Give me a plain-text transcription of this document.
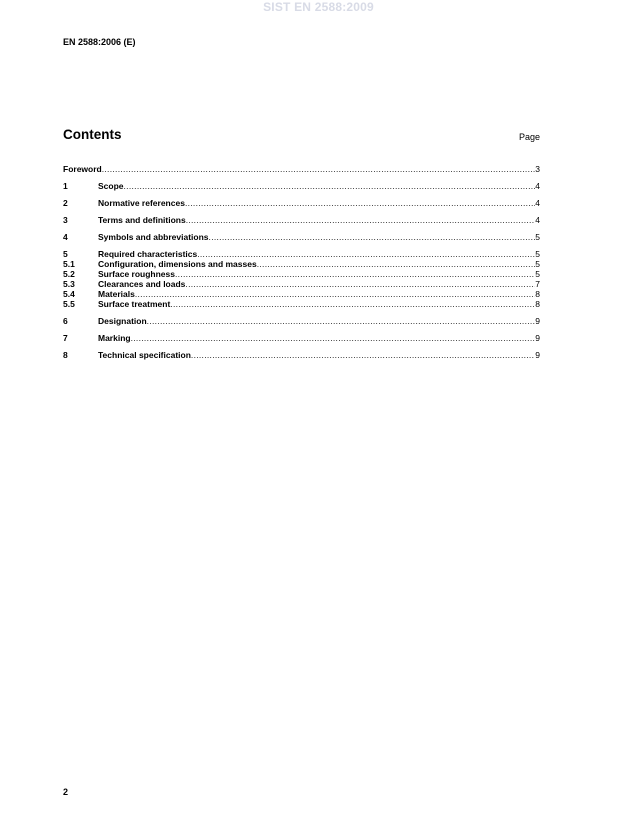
SIST EN 2588:2009
EN 2588:2006 (E)
Contents	Page
Foreword .....	3
1	Scope .....	4
2	Normative references .....	4
3	Terms and definitions .....	4
4	Symbols and abbreviations .....	5
5	Required characteristics .....	5
5.1	Configuration, dimensions and masses .....	5
5.2	Surface roughness .....	5
5.3	Clearances and loads .....	7
5.4	Materials .....	8
5.5	Surface treatment .....	8
6	Designation .....	9
7	Marking .....	9
8	Technical specification .....	9
2
